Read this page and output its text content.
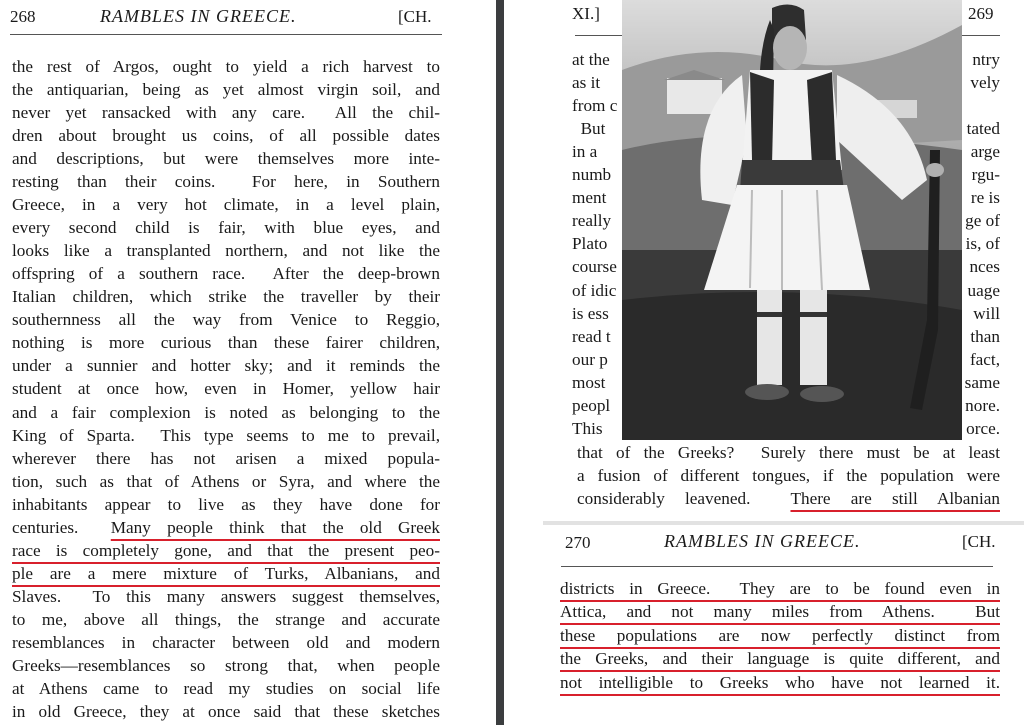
268	RAMBLES IN GREECE.	[CH.
the rest of Argos, ought to yield a rich harvest to
the antiquarian, being as yet almost virgin soil, and
never yet ransacked with any care.  All the chil-
dren about brought us coins, of all possible dates
and descriptions, but were themselves more inte-
resting than their coins.  For here, in Southern
Greece, in a very hot climate, in a level plain,
every second child is fair, with blue eyes, and
looks like a transplanted northern, and not like the
offspring of a southern race.  After the deep-brown
Italian children, which strike the traveller by their
southernness all the way from Venice to Reggio,
nothing is more curious than these fairer children,
under a sunnier and hotter sky; and it reminds the
student at once how, even in Homer, yellow hair
and a fair complexion is noted as belonging to the
King of Sparta.  This type seems to me to prevail,
wherever there has not arisen a mixed popula-
tion, such as that of Athens or Syra, and where the
inhabitants appear to live as they have done for
centuries.  Many people think that the old Greek
race is completely gone, and that the present peo-
ple are a mere mixture of Turks, Albanians, and
Slaves.  To this many answers suggest themselves,
to me, above all things, the strange and accurate
resemblances in character between old and modern
Greeks—resemblances so strong that, when people
at Athens came to read my studies on social life
in old Greece, they at once said that these sketches
XI.]	269
at the	ntry
as it	vely
from c
But	tated
in a	arge
numb	rgu-
ment	re is
really	ge of
Plato	is, of
course	nces
of idic	uage
is ess	will
read t	than
our p	fact,
most	same
peopl	nore.
This	orce.
that of the Greeks?  Surely there must be at least
a fusion of different tongues, if the population were
considerably leavened.  There are still Albanian
270	RAMBLES IN GREECE.	[CH.
districts in Greece.  They are to be found even in
Attica, and not many miles from Athens.  But
these populations are now perfectly distinct from
the Greeks, and their language is quite different, and
not intelligible to Greeks who have not learned it.
